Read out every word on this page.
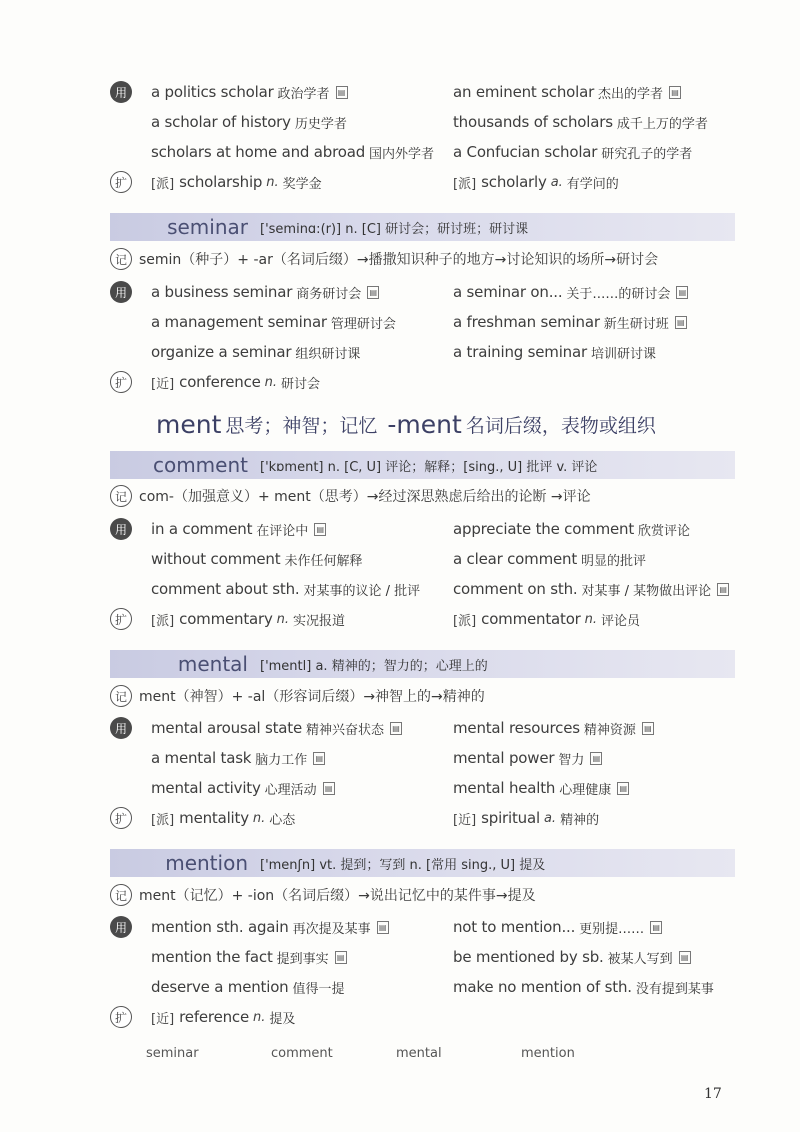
用	a politics scholar 政治学者 ▤	an eminent scholar 杰出的学者 ▤
a scholar of history 历史学者	thousands of scholars 成千上万的学者
scholars at home and abroad 国内外学者 a Confucian scholar 研究孔子的学者
扩	[派] scholarship n. 奖学金	[派] scholarly a. 有学问的
seminar ['seminɑ:(r)] n. [C] 研讨会；研讨班；研讨课
记 semin（种子）+ -ar（名词后缀）→播撒知识种子的地方→讨论知识的场所→研讨会
用	a business seminar 商务研讨会 ▤	a seminar on... 关于……的研讨会 ▤
a management seminar 管理研讨会	a freshman seminar 新生研讨班 ▤
organize a seminar 组织研讨课	a training seminar 培训研讨课
扩	[近] conference n. 研讨会
ment 思考；神智；记忆 -ment 名词后缀，表物或组织
comment ['kɒment] n. [C, U] 评论；解释；[sing., U] 批评 v. 评论
记 com-（加强意义）+ ment（思考）→经过深思熟虑后给出的论断 →评论
用	in a comment 在评论中 ▤	appreciate the comment 欣赏评论
without comment 未作任何解释	a clear comment 明显的批评
comment about sth. 对某事的议论 / 批评 comment on sth. 对某事 / 某物做出评论 ▤
扩	[派] commentary n. 实况报道	[派] commentator n. 评论员
mental ['mentl] a. 精神的；智力的；心理上的
记 ment（神智）+ -al（形容词后缀）→神智上的→精神的
用	mental arousal state 精神兴奋状态 ▤	mental resources 精神资源 ▤
a mental task 脑力工作 ▤	mental power 智力 ▤
mental activity 心理活动 ▤	mental health 心理健康 ▤
扩	[派] mentality n. 心态	[近] spiritual a. 精神的
mention ['menʃn] vt. 提到；写到 n. [常用 sing., U] 提及
记 ment（记忆）+ -ion（名词后缀）→说出记忆中的某件事→提及
用	mention sth. again 再次提及某事 ▤	not to mention... 更别提…… ▤
mention the fact 提到事实 ▤	be mentioned by sb. 被某人写到 ▤
deserve a mention 值得一提	make no mention of sth. 没有提到某事
扩	[近] reference n. 提及
seminar	comment	mental	mention
17
